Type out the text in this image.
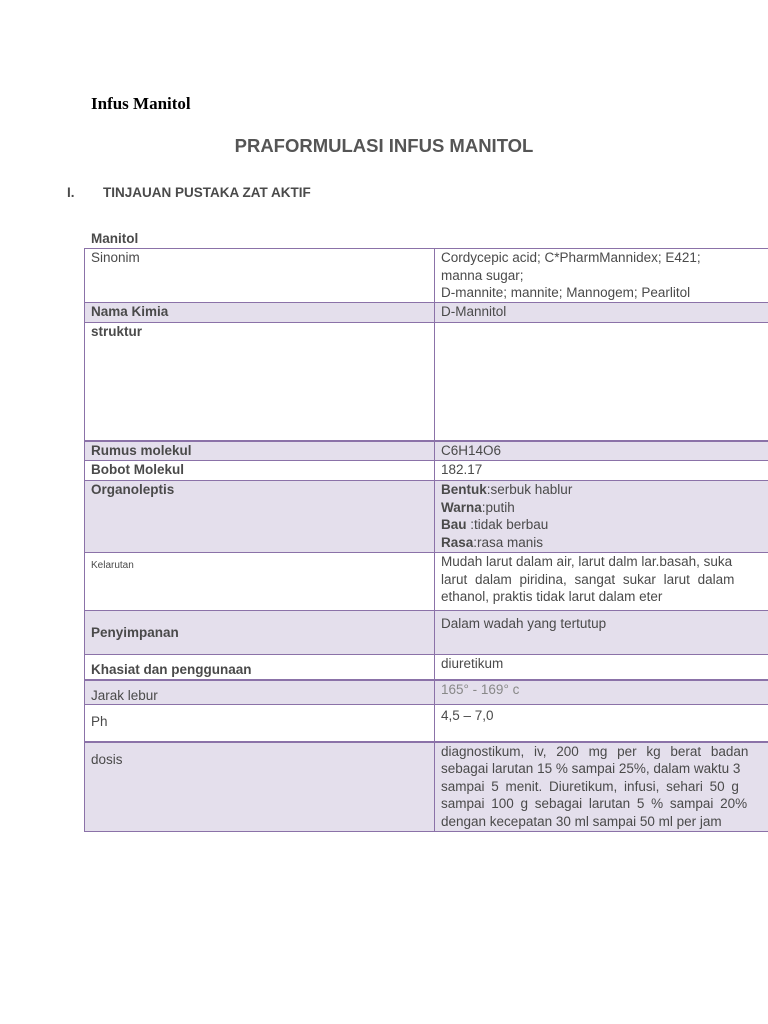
Infus Manitol
PRAFORMULASI INFUS MANITOL
I. TINJAUAN PUSTAKA ZAT AKTIF
Manitol
Sinonim	Cordycepic acid; C*PharmMannidex; E421;
manna sugar;
D-mannite; mannite; Mannogem; Pearlitol

Nama Kimia	D-Mannitol
struktur	
Rumus molekul	C6H14O6
Bobot Molekul	182.17
Organoleptis	Bentuk:serbuk hablur
Warna:putih
Bau :tidak berbau
Rasa:rasa manis

Kelarutan	Mudah larut dalam air, larut dalm lar.basah, suka
larut dalam piridina, sangat sukar larut dalam
ethanol, praktis tidak larut dalam eter

Penyimpanan	Dalam wadah yang tertutup
Khasiat dan penggunaan	diuretikum
Jarak lebur	165° - 169° c
Ph	4,5 – 7,0
dosis	diagnostikum, iv, 200 mg per kg berat badan
sebagai larutan 15 % sampai 25%, dalam waktu 3
sampai 5 menit. Diuretikum, infusi, sehari 50 g
sampai 100 g sebagai larutan 5 % sampai 20%
dengan kecepatan 30 ml sampai 50 ml per jam
